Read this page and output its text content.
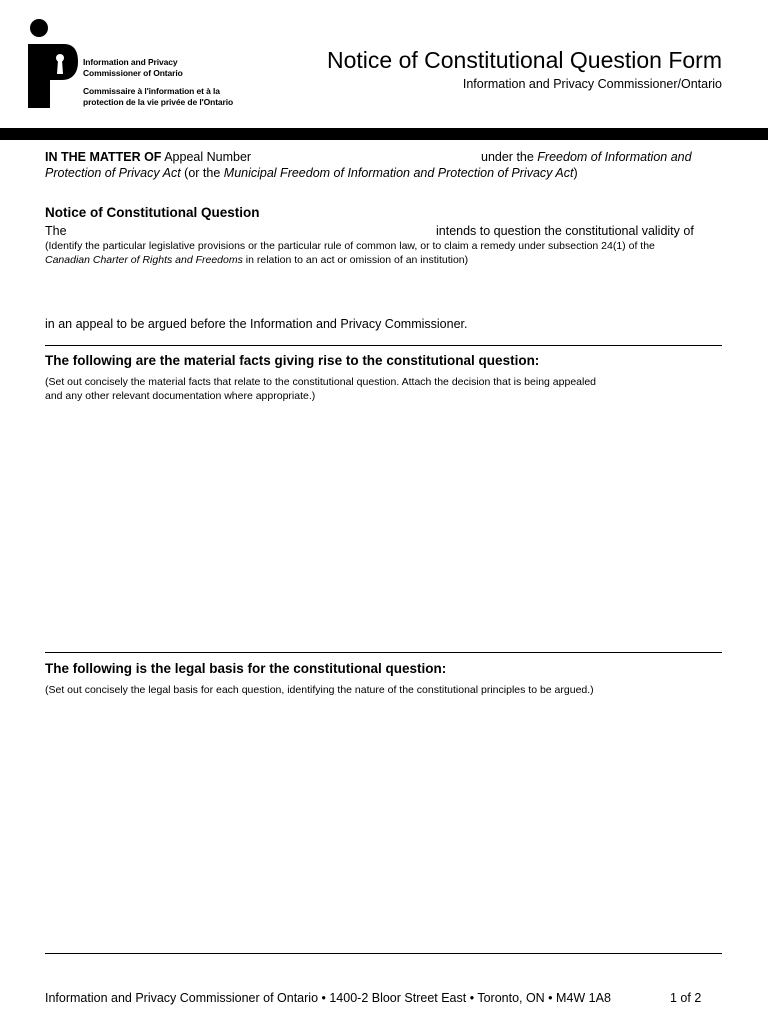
Information and Privacy
Commissioner of Ontario
Commissaire à l'information et à la
protection de la vie privée de l'Ontario
Notice of Constitutional Question Form
Information and Privacy Commissioner/Ontario
IN THE MATTER OF Appeal Number	under the Freedom of Information and
Protection of Privacy Act (or the Municipal Freedom of Information and Protection of Privacy Act)
Notice of Constitutional Question
The	intends to question the constitutional validity of
(Identify the particular legislative provisions or the particular rule of common law, or to claim a remedy under subsection 24(1) of the
Canadian Charter of Rights and Freedoms in relation to an act or omission of an institution)
in an appeal to be argued before the Information and Privacy Commissioner.
The following are the material facts giving rise to the constitutional question:
(Set out concisely the material facts that relate to the constitutional question. Attach the decision that is being appealed
and any other relevant documentation where appropriate.)
The following is the legal basis for the constitutional question:
(Set out concisely the legal basis for each question, identifying the nature of the constitutional principles to be argued.)
Information and Privacy Commissioner of Ontario • 1400-2 Bloor Street East • Toronto, ON • M4W 1A8	1 of 2
